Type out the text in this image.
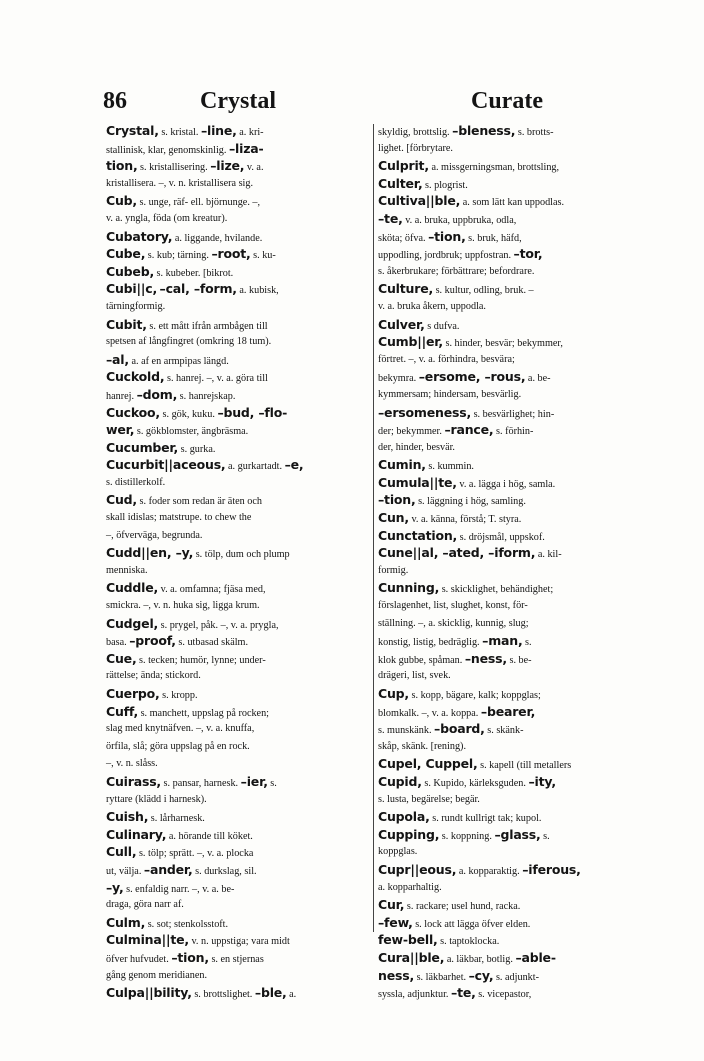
86	Crystal	Curate
Crystal, s. kristal. –line, a. kri-
stallinisk, klar, genomskinlig. –liza-
tion, s. kristallisering. –lize, v. a.
kristallisera. –, v. n. kristallisera sig.
Cub, s. unge, räf- ell. björnunge. –,
v. a. yngla, föda (om kreatur).
Cubatory, a. liggande, hvilande.
Cube, s. kub; tärning. –root, s. ku-
Cubeb, s. kubeber. [bikrot.
Cubi||c, –cal, –form, a. kubisk,
tärningformig.
Cubit, s. ett mått ifrån armbågen till
spetsen af långfingret (omkring 18 tum).
–al, a. af en armpipas längd.
Cuckold, s. hanrej. –, v. a. göra till
hanrej. –dom, s. hanrejskap.
Cuckoo, s. gök, kuku. –bud, –flo-
wer, s. gökblomster, ängbräsma.
Cucumber, s. gurka.
Cucurbit||aceous, a. gurkartadt. –e,
s. distillerkolf.
Cud, s. foder som redan är äten och
skall idislas; matstrupe. to chew the
–, öfverväga, begrunda.
Cudd||en, –y, s. tölp, dum och plump
menniska.
Cuddle, v. a. omfamna; fjäsa med,
smickra. –, v. n. huka sig, ligga krum.
Cudgel, s. prygel, påk. –, v. a. prygla,
basa. –proof, s. utbasad skälm.
Cue, s. tecken; humör, lynne; under-
rättelse; ända; stickord.
Cuerpo, s. kropp.
Cuff, s. manchett, uppslag på rocken;
slag med knytnäfven. –, v. a. knuffa,
örfila, slå; göra uppslag på en rock.
–, v. n. slåss.
Cuirass, s. pansar, harnesk. –ier, s.
ryttare (klädd i harnesk).
Cuish, s. lårharnesk.
Culinary, a. hörande till köket.
Cull, s. tölp; sprätt. –, v. a. plocka
ut, välja. –ander, s. durkslag, sil.
–y, s. enfaldig narr. –, v. a. be-
draga, göra narr af.
Culm, s. sot; stenkolsstoft.
Culmina||te, v. n. uppstiga; vara midt
öfver hufvudet. –tion, s. en stjernas
gång genom meridianen.
Culpa||bility, s. brottslighet. –ble, a.
skyldig, brottslig. –bleness, s. brotts-
lighet. [förbrytare.
Culprit, a. missgerningsman, brottsling,
Culter, s. plogrist.
Cultiva||ble, a. som lätt kan uppodlas.
–te, v. a. bruka, uppbruka, odla,
sköta; öfva. –tion, s. bruk, häfd,
uppodling, jordbruk; uppfostran. –tor,
s. åkerbrukare; förbättrare; befordrare.
Culture, s. kultur, odling, bruk. –
v. a. bruka åkern, uppodla.
Culver, s dufva.
Cumb||er, s. hinder, besvär; bekymmer,
förtret. –, v. a. förhindra, besvära;
bekymra. –ersome, –rous, a. be-
kymmersam; hindersam, besvärlig.
–ersomeness, s. besvärlighet; hin-
der; bekymmer. –rance, s. förhin-
der, hinder, besvär.
Cumin, s. kummin.
Cumula||te, v. a. lägga i hög, samla.
–tion, s. läggning i hög, samling.
Cun, v. a. känna, förstå; T. styra.
Cunctation, s. dröjsmål, uppskof.
Cune||al, –ated, –iform, a. kil-
formig.
Cunning, s. skicklighet, behändighet;
förslagenhet, list, slughet, konst, för-
ställning. –, a. skicklig, kunnig, slug;
konstig, listig, bedräglig. –man, s.
klok gubbe, spåman. –ness, s. be-
drägeri, list, svek.
Cup, s. kopp, bägare, kalk; koppglas;
blomkalk. –, v. a. koppa. –bearer,
s. munskänk. –board, s. skänk-
skåp, skänk. [rening).
Cupel, Cuppel, s. kapell (till metallers
Cupid, s. Kupido, kärleksguden. –ity,
s. lusta, begärelse; begär.
Cupola, s. rundt kullrigt tak; kupol.
Cupping, s. koppning. –glass, s.
koppglas.
Cupr||eous, a. kopparaktig. –iferous,
a. kopparhaltig.
Cur, s. rackare; usel hund, racka.
–few, s. lock att lägga öfver elden.
few-bell, s. taptoklocka.
Cura||ble, a. läkbar, botlig. –able-
ness, s. läkbarhet. –cy, s. adjunkt-
syssla, adjunktur. –te, s. vicepastor,
